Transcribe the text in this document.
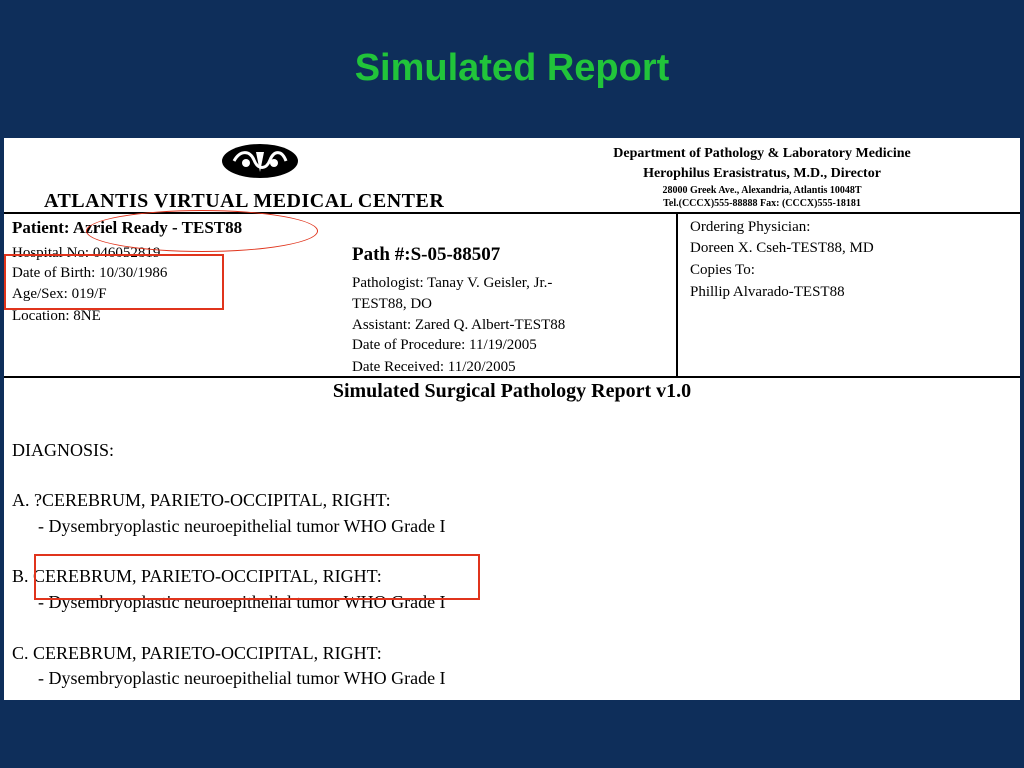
Simulated Report
ATLANTIS VIRTUAL MEDICAL CENTER
Department of Pathology & Laboratory Medicine
Herophilus Erasistratus, M.D., Director
28000 Greek Ave., Alexandria, Atlantis 10048T
Tel.(CCCX)555-88888 Fax: (CCCX)555-18181
Patient: Azriel Ready - TEST88
Hospital No: 046052819
Date of Birth: 10/30/1986
Age/Sex: 019/F
Location: 8NE
Path #:S-05-88507
Pathologist: Tanay V. Geisler, Jr.-
TEST88, DO
Assistant: Zared Q. Albert-TEST88
Date of Procedure: 11/19/2005
Date Received: 11/20/2005
Ordering Physician:
Doreen X. Cseh-TEST88, MD
Copies To:
Phillip Alvarado-TEST88
Simulated Surgical Pathology Report v1.0
DIAGNOSIS:
A. ?CEREBRUM, PARIETO-OCCIPITAL, RIGHT:
- Dysembryoplastic neuroepithelial tumor WHO Grade I
B. CEREBRUM, PARIETO-OCCIPITAL, RIGHT:
- Dysembryoplastic neuroepithelial tumor WHO Grade I
C. CEREBRUM, PARIETO-OCCIPITAL, RIGHT:
- Dysembryoplastic neuroepithelial tumor WHO Grade I
